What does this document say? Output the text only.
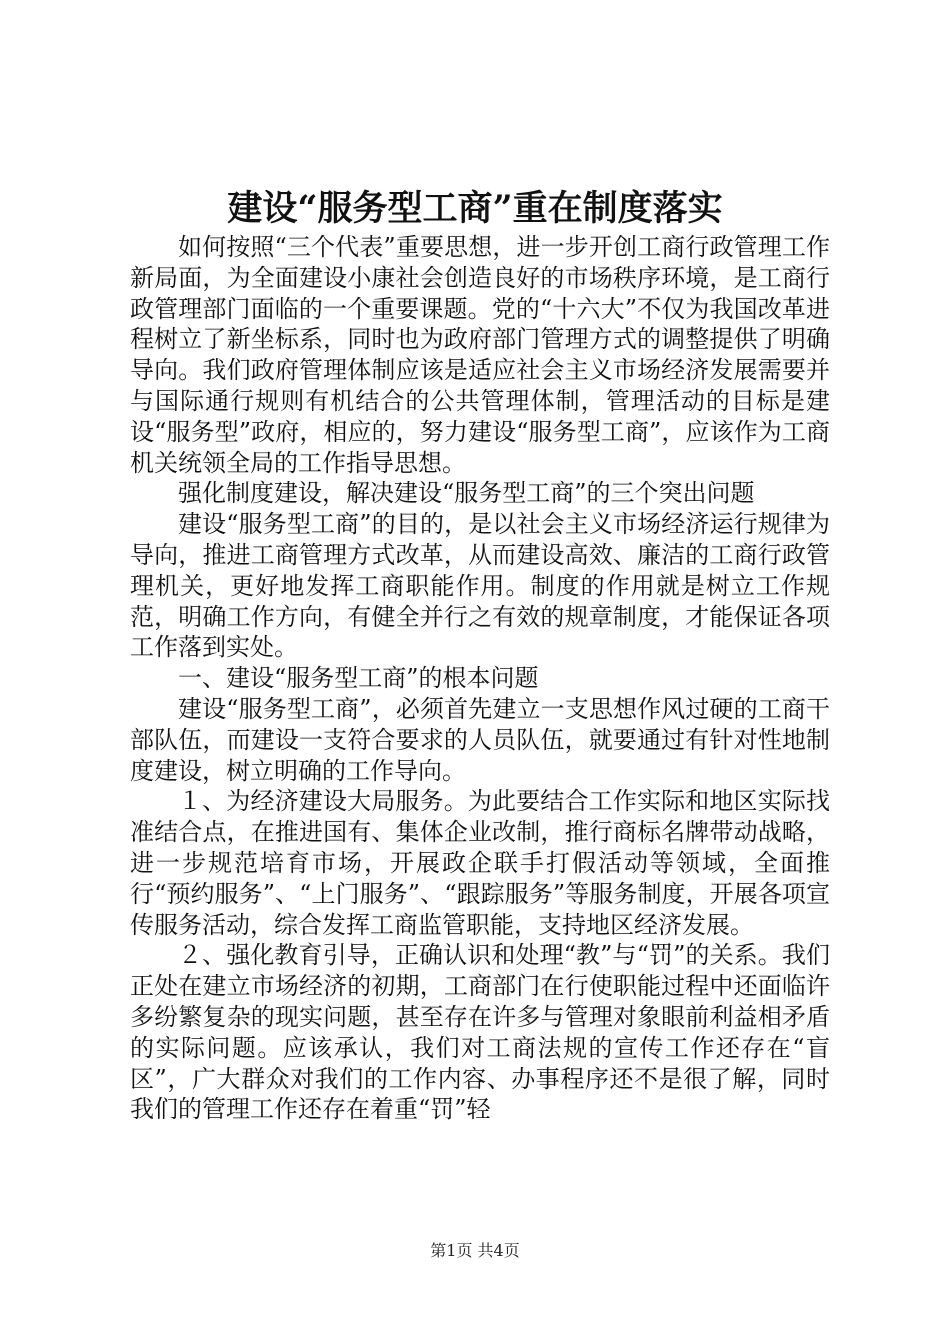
建设“服务型工商”重在制度落实

如何按照“三个代表”重要思想，进一步开创工商行政管理工作新局面，为全面建设小康社会创造良好的市场秩序环境，是工商行政管理部门面临的一个重要课题。党的“十六大”不仅为我国改革进程树立了新坐标系，同时也为政府部门管理方式的调整提供了明确导向。我们政府管理体制应该是适应社会主义市场经济发展需要并与国际通行规则有机结合的公共管理体制，管理活动的目标是建设“服务型”政府，相应的，努力建设“服务型工商”，应该作为工商机关统领全局的工作指导思想。

强化制度建设，解决建设“服务型工商”的三个突出问题

建设“服务型工商”的目的，是以社会主义市场经济运行规律为导向，推进工商管理方式改革，从而建设高效、廉洁的工商行政管理机关，更好地发挥工商职能作用。制度的作用就是树立工作规范，明确工作方向，有健全并行之有效的规章制度，才能保证各项工作落到实处。

一、建设“服务型工商”的根本问题

建设“服务型工商”，必须首先建立一支思想作风过硬的工商干部队伍，而建设一支符合要求的人员队伍，就要通过有针对性地制度建设，树立明确的工作导向。

１、为经济建设大局服务。为此要结合工作实际和地区实际找准结合点，在推进国有、集体企业改制，推行商标名牌带动战略，进一步规范培育市场，开展政企联手打假活动等领域，全面推行“预约服务”、“上门服务”、“跟踪服务”等服务制度，开展各项宣传服务活动，综合发挥工商监管职能，支持地区经济发展。

２、强化教育引导，正确认识和处理“教”与“罚”的关系。我们正处在建立市场经济的初期，工商部门在行使职能过程中还面临许多纷繁复杂的现实问题，甚至存在许多与管理对象眼前利益相矛盾的实际问题。应该承认，我们对工商法规的宣传工作还存在“盲区”，广大群众对我们的工作内容、办事程序还不是很了解，同时我们的管理工作还存在着重“罚”轻

第1页 共4页
